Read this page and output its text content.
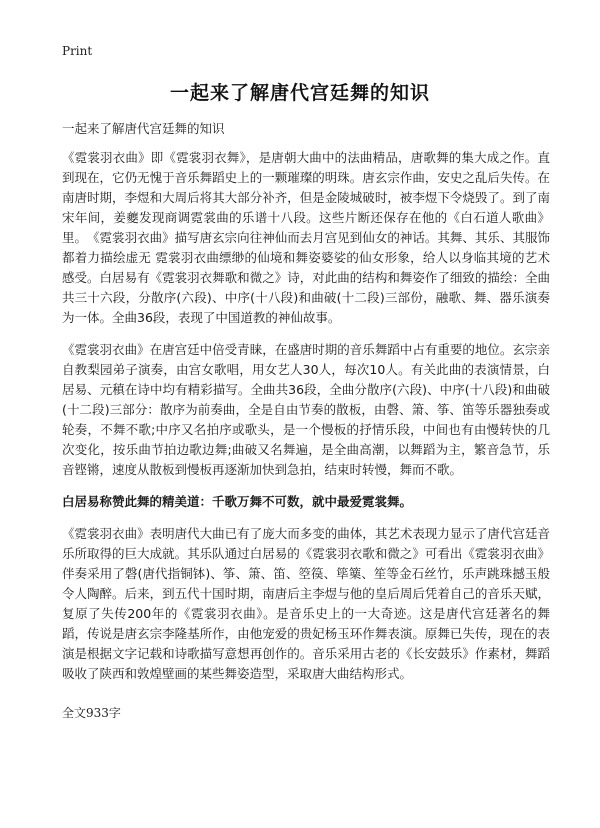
Print
一起来了解唐代宫廷舞的知识
一起来了解唐代宫廷舞的知识

《霓裳羽衣曲》即《霓裳羽衣舞》，是唐朝大曲中的法曲精品，唐歌舞的集大成之作。直到现在，它仍无愧于音乐舞蹈史上的一颗璀璨的明珠。唐玄宗作曲，安史之乱后失传。在南唐时期，李煜和大周后将其大部分补齐，但是金陵城破时，被李煜下令烧毁了。到了南宋年间，姜夔发现商调霓裳曲的乐谱十八段。这些片断还保存在他的《白石道人歌曲》里。　《霓裳羽衣曲》描写唐玄宗向往神仙而去月宫见到仙女的神话。其舞、其乐、其服饰都着力描绘虚无 霓裳羽衣曲缥缈的仙境和舞姿婆娑的仙女形象，给人以身临其境的艺术感受。白居易有《霓裳羽衣舞歌和微之》诗，对此曲的结构和舞姿作了细致的描绘：全曲共三十六段，分散序(六段)、中序(十八段)和曲破(十二段)三部份，融歌、舞、器乐演奏为一体。全曲36段，表现了中国道教的神仙故事。

《霓裳羽衣曲》在唐宫廷中倍受青睐，在盛唐时期的音乐舞蹈中占有重要的地位。玄宗亲自教梨园弟子演奏，由宫女歌唱，用女艺人30人，每次10人。有关此曲的表演情景，白居易、元稹在诗中均有精彩描写。全曲共36段，全曲分散序(六段)、中序(十八段)和曲破(十二段)三部分：散序为前奏曲，全是自由节奏的散板，由磬、箫、筝、笛等乐器独奏或轮奏，不舞不歌;中序又名拍序或歌头，是一个慢板的抒情乐段，中间也有由慢转快的几次变化，按乐曲节拍边歌边舞;曲破又名舞遍，是全曲高潮，以舞蹈为主，繁音急节，乐音铿锵，速度从散板到慢板再逐渐加快到急拍，结束时转慢，舞而不歌。

白居易称赞此舞的精美道：千歌万舞不可数，就中最爱霓裳舞。

《霓裳羽衣曲》表明唐代大曲已有了庞大而多变的曲体，其艺术表现力显示了唐代宫廷音乐所取得的巨大成就。其乐队通过白居易的《霓裳羽衣歌和微之》可看出《霓裳羽衣曲》伴奏采用了磬(唐代指铜钵)、筝、箫、笛、箜篌、筚篥、笙等金石丝竹，乐声跳珠撼玉般令人陶醉。后来，到五代十国时期，南唐后主李煜与他的皇后周后凭着自己的音乐天赋，复原了失传200年的《霓裳羽衣曲》。是音乐史上的一大奇迹。这是唐代宫廷著名的舞蹈，传说是唐玄宗李隆基所作，由他宠爱的贵妃杨玉环作舞表演。原舞已失传，现在的表演是根据文字记载和诗歌描写意想再创作的。音乐采用古老的《长安鼓乐》作素材，舞蹈吸收了陕西和敦煌壁画的某些舞姿造型，采取唐大曲结构形式。

全文933字
